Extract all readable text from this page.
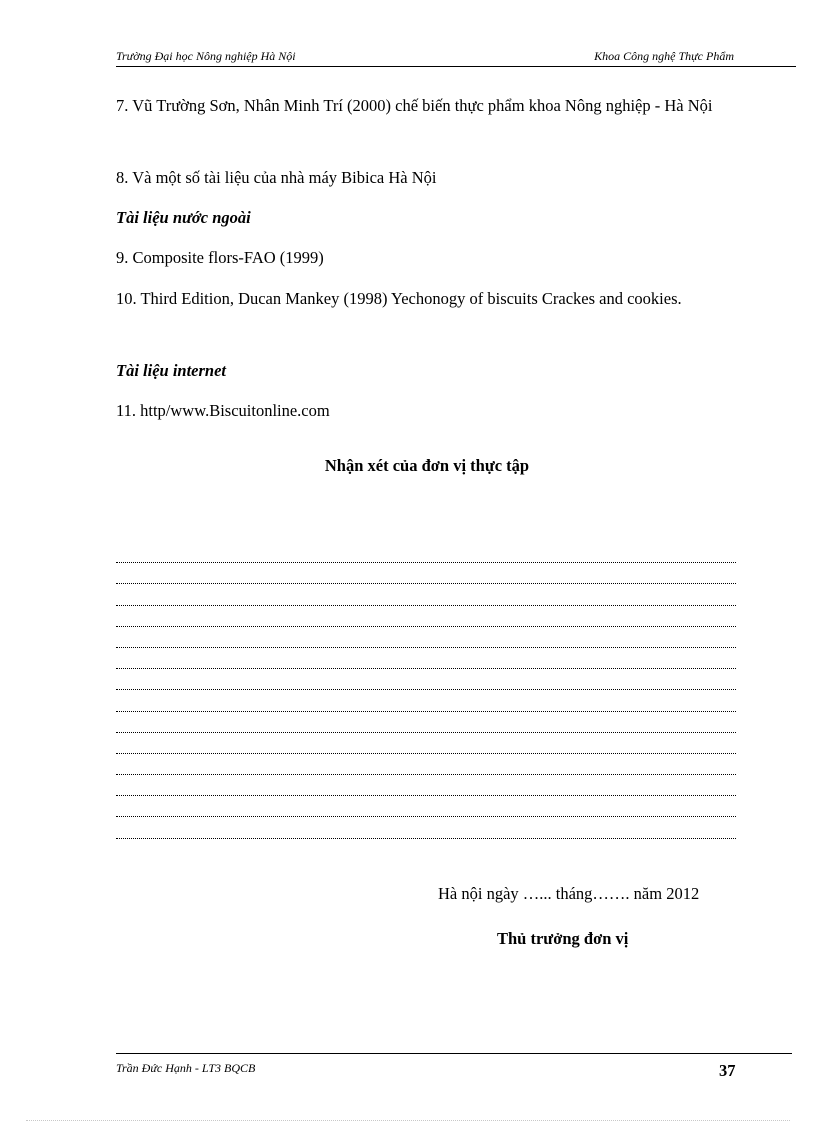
Trường Đại học Nông nghiệp Hà Nội	Khoa Công nghệ Thực Phẩm
7. Vũ Trường Sơn, Nhân Minh Trí (2000) chế biến thực phẩm khoa Nông nghiệp - Hà Nội
8. Và một số tài liệu của nhà máy Bibica Hà Nội
Tài liệu nước ngoài
9. Composite flors-FAO (1999)
10. Third Edition, Ducan Mankey (1998) Yechonogy of biscuits Crackes and cookies.
Tài liệu internet
11. http/www.Biscuitonline.com
Nhận xét của đơn vị thực tập
Hà nội ngày …... tháng……. năm 2012
Thủ trưởng đơn vị
Trần Đức Hạnh - LT3 BQCB	37
